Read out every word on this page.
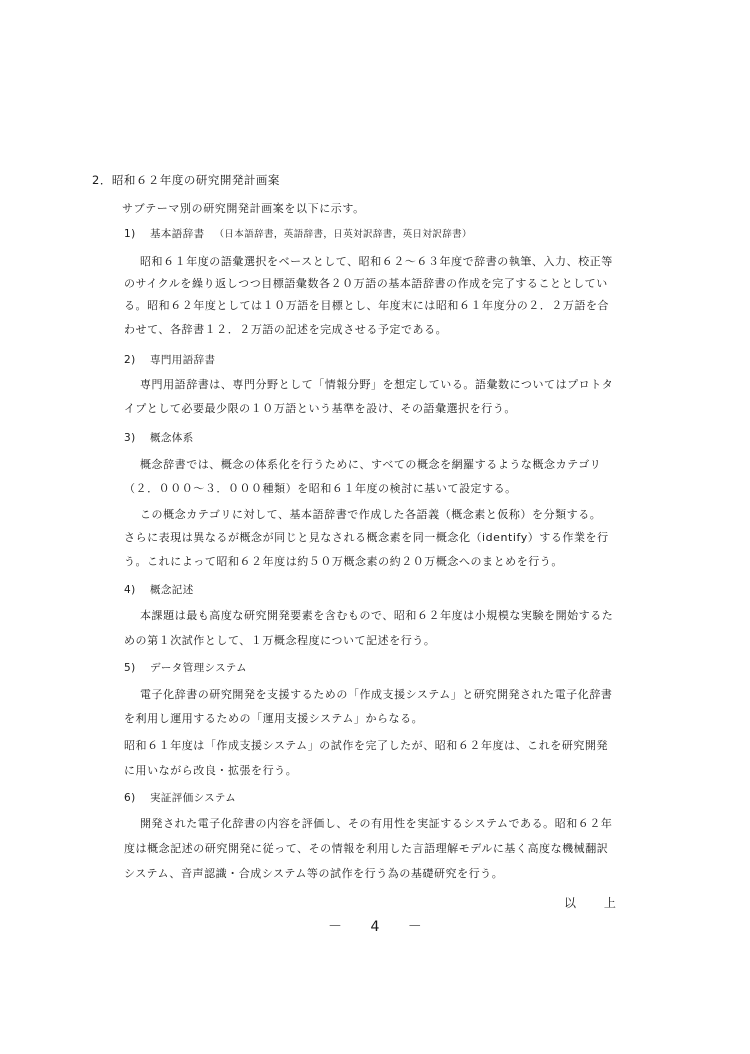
2．昭和６２年度の研究開発計画案
サブテーマ別の研究開発計画案を以下に示す。
1) 基本語辞書 （日本語辞書，英語辞書，日英対訳辞書，英日対訳辞書）
昭和６１年度の語彙選択をベースとして、昭和６２～６３年度で辞書の執筆、入力、校正等
のサイクルを繰り返しつつ目標語彙数各２０万語の基本語辞書の作成を完了することとしてい
る。昭和６２年度としては１０万語を目標とし、年度末には昭和６１年度分の２．２万語を合
わせて、各辞書１２．２万語の記述を完成させる予定である。
2) 専門用語辞書
専門用語辞書は、専門分野として「情報分野」を想定している。語彙数についてはプロトタ
イプとして必要最少限の１０万語という基準を設け、その語彙選択を行う。
3) 概念体系
概念辞書では、概念の体系化を行うために、すべての概念を網羅するような概念カテゴリ
（２．０００～３．０００種類）を昭和６１年度の検討に基いて設定する。
この概念カテゴリに対して、基本語辞書で作成した各語義（概念素と仮称）を分類する。
さらに表現は異なるが概念が同じと見なされる概念素を同一概念化（identify）する作業を行
う。これによって昭和６２年度は約５０万概念素の約２０万概念へのまとめを行う。
4) 概念記述
本課題は最も高度な研究開発要素を含むもので、昭和６２年度は小規模な実験を開始するた
めの第１次試作として、１万概念程度について記述を行う。
5) データ管理システム
電子化辞書の研究開発を支援するための「作成支援システム」と研究開発された電子化辞書
を利用し運用するための「運用支援システム」からなる。
昭和６１年度は「作成支援システム」の試作を完了したが、昭和６２年度は、これを研究開発
に用いながら改良・拡張を行う。
6) 実証評価システム
開発された電子化辞書の内容を評価し、その有用性を実証するシステムである。昭和６２年
度は概念記述の研究開発に従って、その情報を利用した言語理解モデルに基く高度な機械翻訳
システム、音声認識・合成システム等の試作を行う為の基礎研究を行う。
以 上
－ 4 －
